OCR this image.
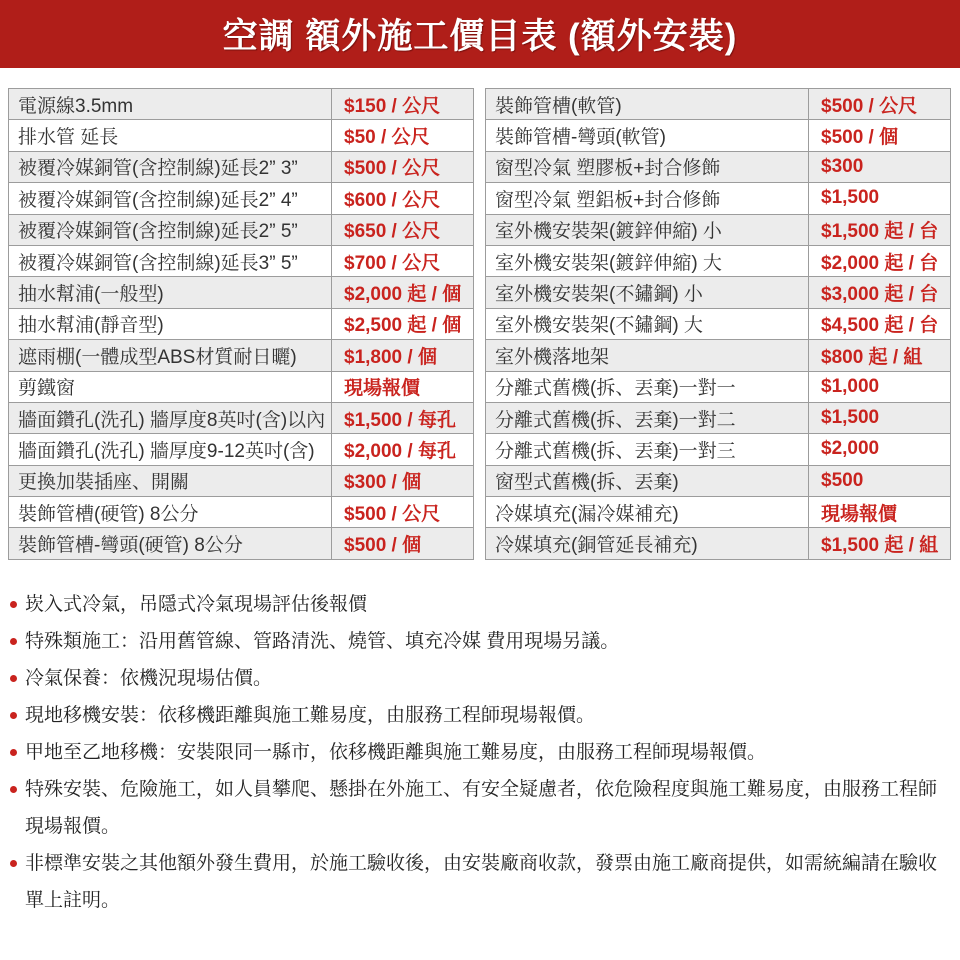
空調 額外施工價目表 (額外安裝)
電源線3.5mm	$150 / 公尺
排水管 延長	$50 / 公尺
被覆冷媒銅管(含控制線)延長2” 3”	$500 / 公尺
被覆冷媒銅管(含控制線)延長2” 4”	$600 / 公尺
被覆冷媒銅管(含控制線)延長2” 5”	$650 / 公尺
被覆冷媒銅管(含控制線)延長3” 5”	$700 / 公尺
抽水幫浦(一般型)	$2,000 起 / 個
抽水幫浦(靜音型)	$2,500 起 / 個
遮雨棚(一體成型ABS材質耐日曬)	$1,800 / 個
剪鐵窗	現場報價
牆面鑽孔(洗孔) 牆厚度8英吋(含)以內	$1,500 / 每孔
牆面鑽孔(洗孔) 牆厚度9-12英吋(含)	$2,000 / 每孔
更換加裝插座、開關	$300 / 個
裝飾管槽(硬管) 8公分	$500 / 公尺
裝飾管槽-彎頭(硬管) 8公分	$500 / 個
裝飾管槽(軟管)	$500 / 公尺
裝飾管槽-彎頭(軟管)	$500 / 個
窗型冷氣 塑膠板+封合修飾	$300
窗型冷氣 塑鋁板+封合修飾	$1,500
室外機安裝架(鍍鋅伸縮) 小	$1,500 起 / 台
室外機安裝架(鍍鋅伸縮) 大	$2,000 起 / 台
室外機安裝架(不鏽鋼) 小	$3,000 起 / 台
室外機安裝架(不鏽鋼) 大	$4,500 起 / 台
室外機落地架	$800 起 / 組
分離式舊機(拆、丟棄)一對一	$1,000
分離式舊機(拆、丟棄)一對二	$1,500
分離式舊機(拆、丟棄)一對三	$2,000
窗型式舊機(拆、丟棄)	$500
冷媒填充(漏冷媒補充)	現場報價
冷媒填充(銅管延長補充)	$1,500 起 / 組
崁入式冷氣，吊隱式冷氣現場評估後報價
特殊類施工：沿用舊管線、管路清洗、燒管、填充冷媒 費用現場另議。
冷氣保養：依機況現場估價。
現地移機安裝：依移機距離與施工難易度，由服務工程師現場報價。
甲地至乙地移機：安裝限同一縣市，依移機距離與施工難易度，由服務工程師現場報價。
特殊安裝、危險施工，如人員攀爬、懸掛在外施工、有安全疑慮者，依危險程度與施工難易度，由服務工程師現場報價。
非標準安裝之其他額外發生費用，於施工驗收後，由安裝廠商收款，發票由施工廠商提供，如需統編請在驗收單上註明。
